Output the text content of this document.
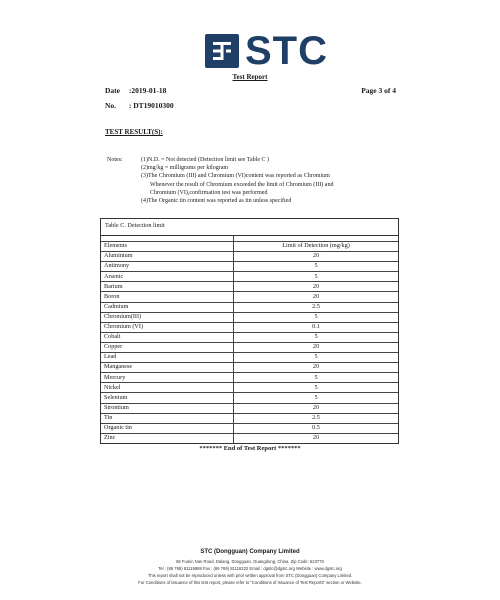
STC
Test Report
Date :2019-01-18	Page 3 of 4
No. : DT19010300
TEST RESULT(S):
Notes:	(1)N.D. = Not detected (Detection limit see Table C )
(2)mg/kg = milligrams per kilogram
(3)The Chromium (III) and Chromium (VI)content was reported as Chromium
Whenever the result of Chromium exceeded the limit of Chromium (III) and
Chromium (VI),confirmation test was performed
(4)The Organic tin content was reported as tin unless specified
Table C. Detection limit

Elements	Limit of Detection (mg/kg)
Aluminium	20
Antimony	5
Arsenic	5
Barium	20
Boron	20
Cadmium	2.5
Chromium(III)	5
Chromium (VI)	0.1
Cobalt	5
Copper	20
Lead	5
Manganese	20
Mercury	5
Nickel	5
Selenium	5
Strontium	20
Tin	2.5
Organic tin	0.5
Zinc	20
******* End of Test Report *******
STC (Dongguan) Company Limited
66 Fumin Nan Road, Dalang, Dongguan, Guangdong, China. Zip Code: 523770
Tel : (86 769) 81119888 Fax : (86 769) 81118222 Email : dgstc@dgstc.org Website : www.dgstc.org
This report shall not be reproduced unless with prior written approval from STC (Dongguan) Company Limited.
For Conditions of issuance of this test report, please refer to "Conditions of Issuance of Test Reports" section or Website.
